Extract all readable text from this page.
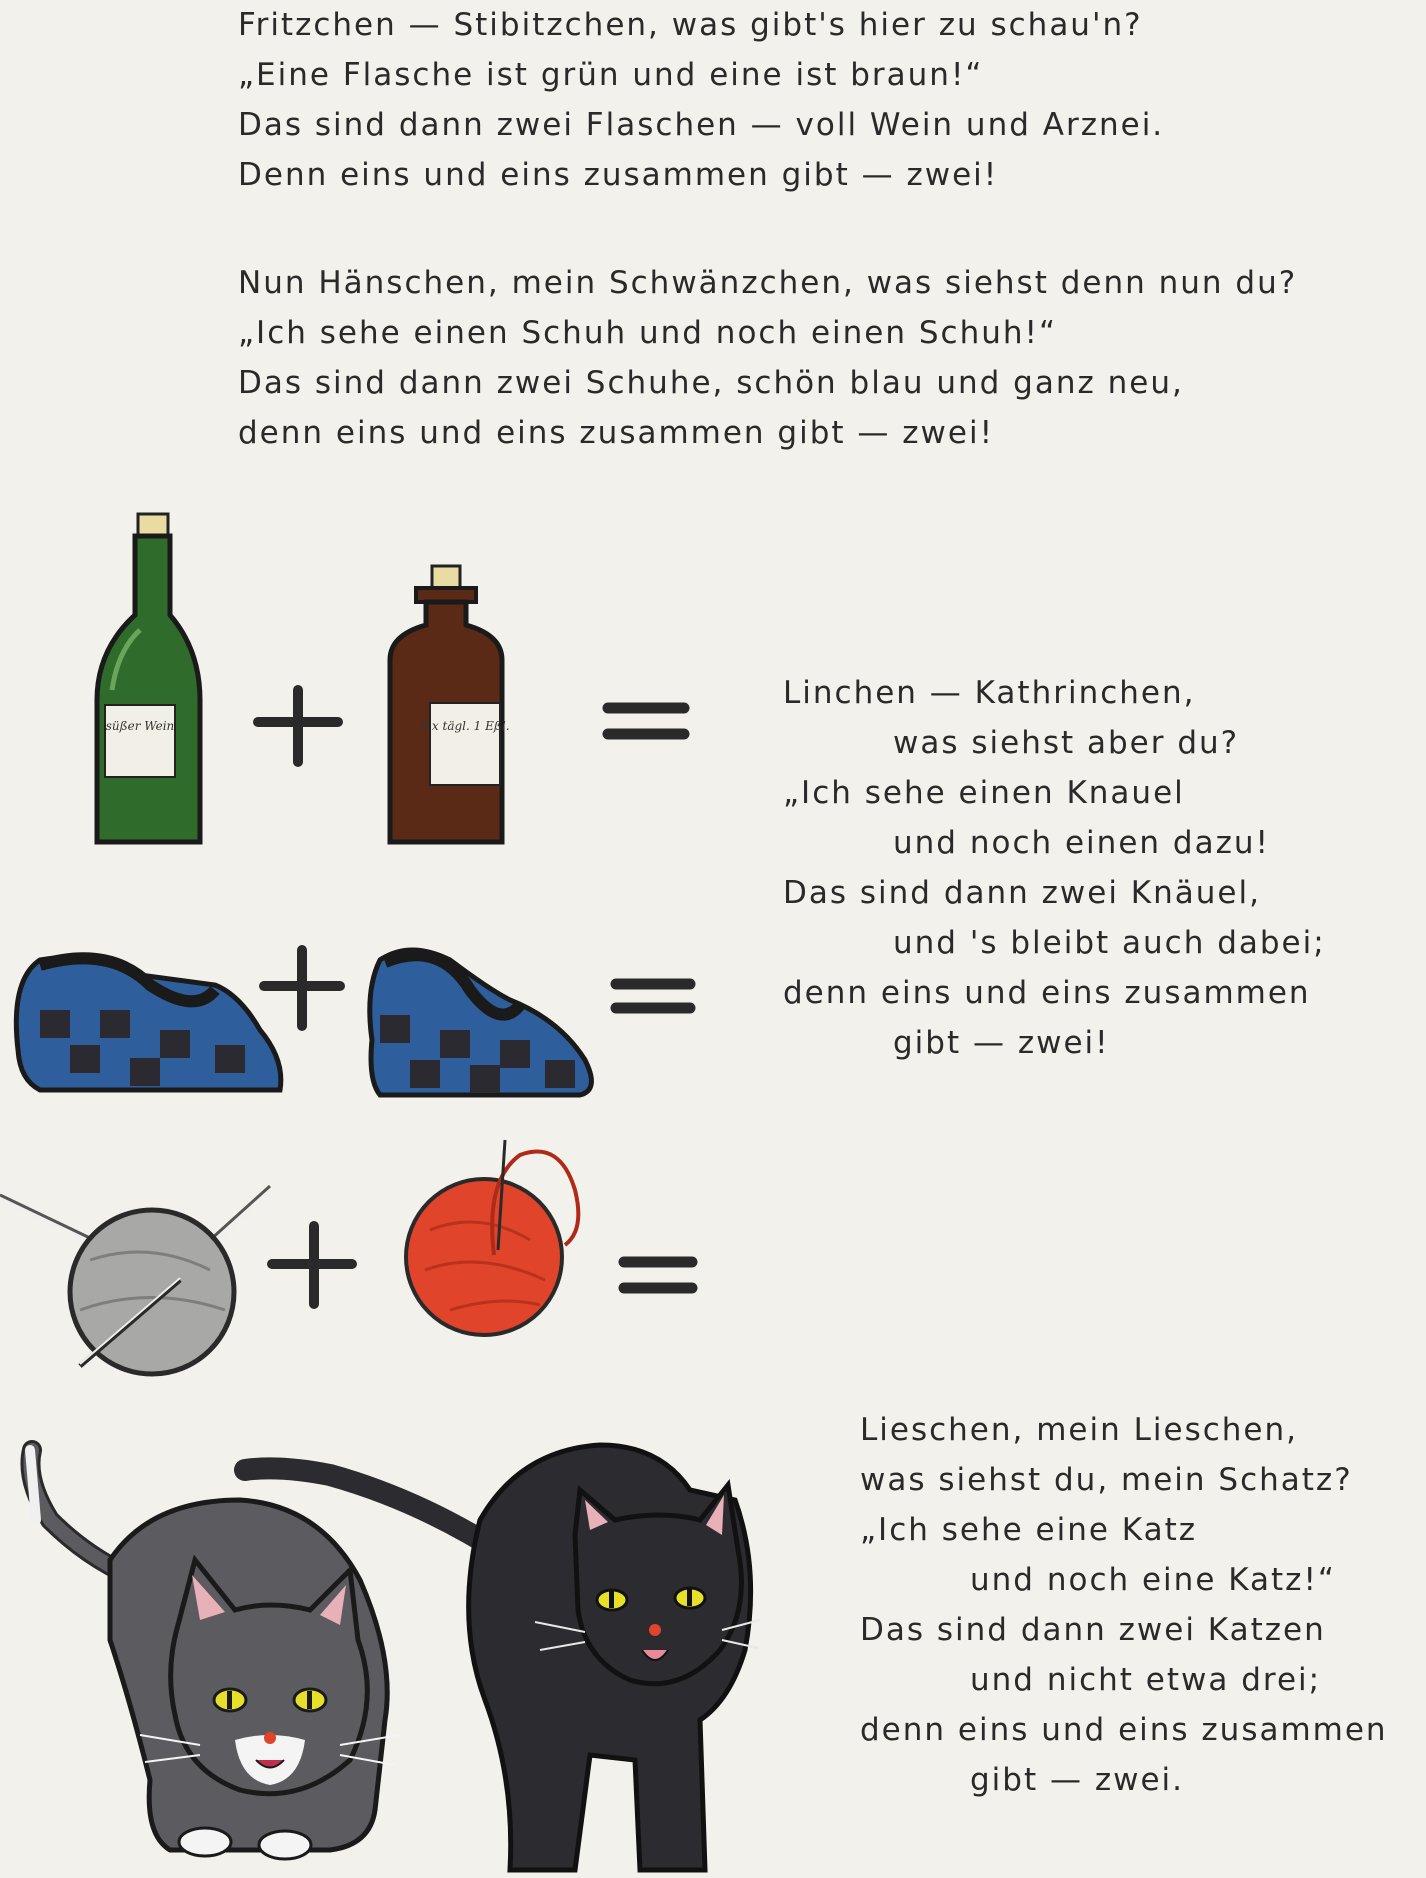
Fritzchen — Stibitzchen, was gibt's hier zu schau'n?
„Eine Flasche ist grün und eine ist braun!“
Das sind dann zwei Flaschen — voll Wein und Arznei.
Denn eins und eins zusammen gibt — zwei!
Nun Hänschen, mein Schwänzchen, was siehst denn nun du?
„Ich sehe einen Schuh und noch einen Schuh!“
Das sind dann zwei Schuhe, schön blau und ganz neu,
denn eins und eins zusammen gibt — zwei!
Linchen — Kathrinchen,
was siehst aber du?
„Ich sehe einen Knauel
und noch einen dazu!
Das sind dann zwei Knäuel,
und 's bleibt auch dabei;
denn eins und eins zusammen
gibt — zwei!
Lieschen, mein Lieschen,
was siehst du, mein Schatz?
„Ich sehe eine Katz
und noch eine Katz!“
Das sind dann zwei Katzen
und nicht etwa drei;
denn eins und eins zusammen
gibt — zwei.
süßer Wein	3 x tägl. 1 Eßl.
